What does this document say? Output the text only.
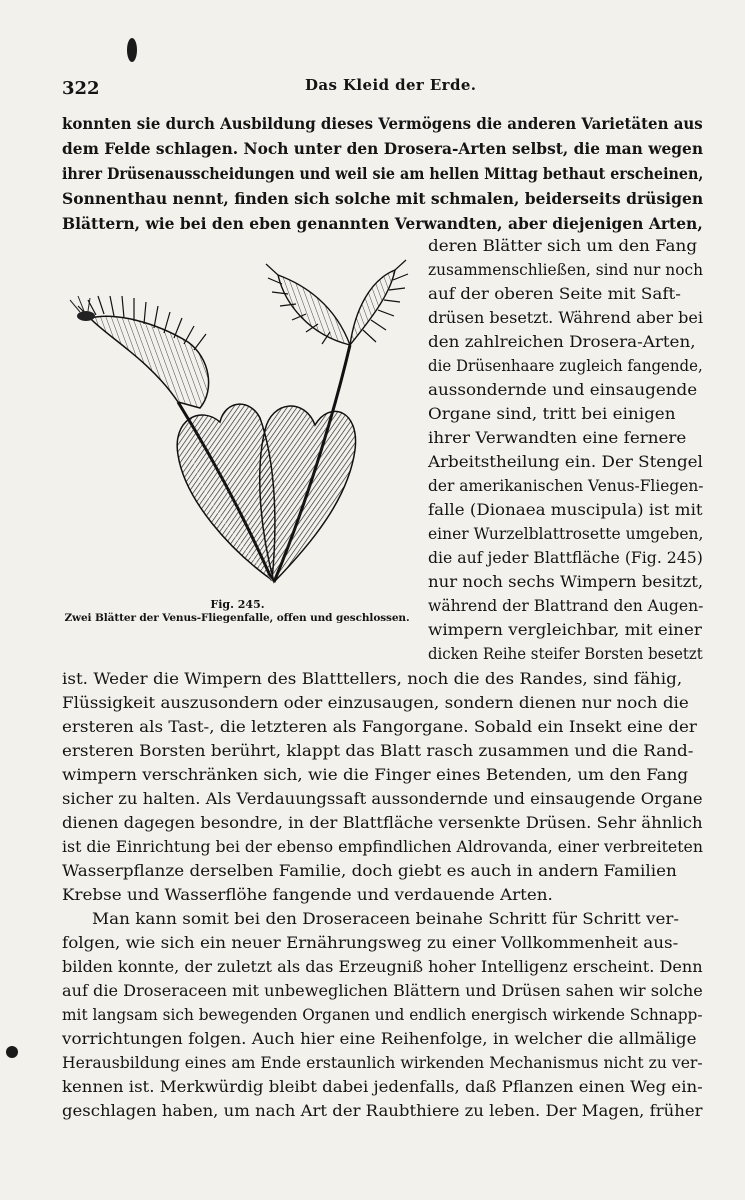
322	Das Kleid der Erde.
Fig. 245.
Zwei Blätter der Venus-Fliegenfalle, offen und geschlossen.
konnten sie durch Ausbildung dieses Vermögens die anderen Varietäten aus
dem Felde schlagen. Noch unter den Drosera-Arten selbst, die man wegen
ihrer Drüsenausscheidungen und weil sie am hellen Mittag bethaut erscheinen,
Sonnenthau nennt, finden sich solche mit schmalen, beiderseits drüsigen
Blättern, wie bei den eben genannten Verwandten, aber diejenigen Arten,
deren Blätter sich um den Fang
zusammenschließen, sind nur noch
auf der oberen Seite mit Saft-
drüsen besetzt. Während aber bei
den zahlreichen Drosera-Arten,
die Drüsenhaare zugleich fangende,
aussondernde und einsaugende
Organe sind, tritt bei einigen
ihrer Verwandten eine fernere
Arbeitstheilung ein. Der Stengel
der amerikanischen Venus-Fliegen-
falle (Dionaea muscipula) ist mit
einer Wurzelblattrosette umgeben,
die auf jeder Blattfläche (Fig. 245)
nur noch sechs Wimpern besitzt,
während der Blattrand den Augen-
wimpern vergleichbar, mit einer
dicken Reihe steifer Borsten besetzt
ist. Weder die Wimpern des Blatttellers, noch die des Randes, sind fähig,
Flüssigkeit auszusondern oder einzusaugen, sondern dienen nur noch die
ersteren als Tast-, die letzteren als Fangorgane. Sobald ein Insekt eine der
ersteren Borsten berührt, klappt das Blatt rasch zusammen und die Rand-
wimpern verschränken sich, wie die Finger eines Betenden, um den Fang
sicher zu halten. Als Verdauungssaft aussondernde und einsaugende Organe
dienen dagegen besondre, in der Blattfläche versenkte Drüsen. Sehr ähnlich
ist die Einrichtung bei der ebenso empfindlichen Aldrovanda, einer verbreiteten
Wasserpflanze derselben Familie, doch giebt es auch in andern Familien
Krebse und Wasserflöhe fangende und verdauende Arten.
Man kann somit bei den Droseraceen beinahe Schritt für Schritt ver-
folgen, wie sich ein neuer Ernährungsweg zu einer Vollkommenheit aus-
bilden konnte, der zuletzt als das Erzeugniß hoher Intelligenz erscheint. Denn
auf die Droseraceen mit unbeweglichen Blättern und Drüsen sahen wir solche
mit langsam sich bewegenden Organen und endlich energisch wirkende Schnapp-
vorrichtungen folgen. Auch hier eine Reihenfolge, in welcher die allmälige
Herausbildung eines am Ende erstaunlich wirkenden Mechanismus nicht zu ver-
kennen ist. Merkwürdig bleibt dabei jedenfalls, daß Pflanzen einen Weg ein-
geschlagen haben, um nach Art der Raubthiere zu leben. Der Magen, früher
